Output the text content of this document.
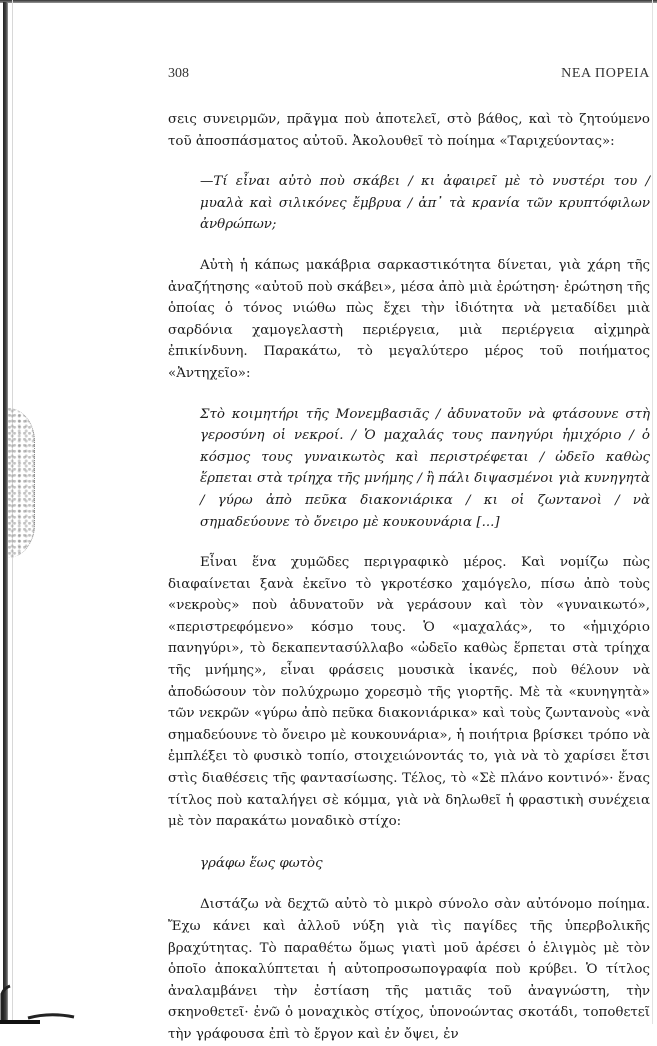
308	ΝΕΑ ΠΟΡΕΙΑ

σεις συνειρμῶν, πρᾶγμα ποὺ ἀποτελεῖ, στὸ βάθος, καὶ τὸ ζητούμενο τοῦ ἀποσπάσματος αὐτοῦ. Ἀκολουθεῖ τὸ ποίημα «Ταριχεύοντας»:

—Τί εἶναι αὐτὸ ποὺ σκάβει / κι ἀφαιρεῖ μὲ τὸ νυστέρι του / μυαλὰ καὶ σιλικόνες ἔμβρυα / ἀπ᾽ τὰ κρανία τῶν κρυπτόφιλων ἀνθρώπων;

Αὐτὴ ἡ κάπως μακάβρια σαρκαστικότητα δίνεται, γιὰ χάρη τῆς ἀναζήτησης «αὐτοῦ ποὺ σκάβει», μέσα ἀπὸ μιὰ ἐρώτηση· ἐρώτηση τῆς ὁποίας ὁ τόνος νιώθω πὼς ἔχει τὴν ἰδιότητα νὰ μεταδίδει μιὰ σαρδόνια χαμογελαστὴ περιέργεια, μιὰ περιέργεια αἰχμηρὰ ἐπικίνδυνη. Παρακάτω, τὸ μεγαλύτερο μέρος τοῦ ποιήματος «Ἀντηχεῖο»:

Στὸ κοιμητήρι τῆς Μονεμβασιᾶς / ἀδυνατοῦν νὰ φτάσουνε στὴ γεροσύνη οἱ νεκροί. / Ὁ μαχαλάς τους πανηγύρι ἡμιχόριο / ὁ κόσμος τους γυναικωτὸς καὶ περιστρέφεται / ὠδεῖο καθὼς ἕρπεται στὰ τρίηχα τῆς μνήμης / ἢ πάλι διψασμένοι γιὰ κυνηγητὰ / γύρω ἀπὸ πεῦκα διακονιάρικα / κι οἱ ζωντανοὶ / νὰ σημαδεύουνε τὸ ὄνειρο μὲ κουκουνάρια [...]

Εἶναι ἕνα χυμῶδες περιγραφικὸ μέρος. Καὶ νομίζω πὼς διαφαίνεται ξανὰ ἐκεῖνο τὸ γκροτέσκο χαμόγελο, πίσω ἀπὸ τοὺς «νεκροὺς» ποὺ ἀδυνατοῦν νὰ γεράσουν καὶ τὸν «γυναικωτό», «περιστρεφόμενο» κόσμο τους. Ὁ «μαχαλάς», το «ἡμιχόριο πανηγύρι», τὸ δεκαπεντασύλλαβο «ὠδεῖο καθὼς ἕρπεται στὰ τρίηχα τῆς μνήμης», εἶναι φράσεις μουσικὰ ἱκανές, ποὺ θέλουν νὰ ἀποδώσουν τὸν πολύχρωμο χορεσμὸ τῆς γιορτῆς. Μὲ τὰ «κυνηγητὰ» τῶν νεκρῶν «γύρω ἀπὸ πεῦκα διακονιάρικα» καὶ τοὺς ζωντανοὺς «νὰ σημαδεύουνε τὸ ὄνειρο μὲ κουκουνάρια», ἡ ποιήτρια βρίσκει τρόπο νὰ ἐμπλέξει τὸ φυσικὸ τοπίο, στοιχειώνοντάς το, γιὰ νὰ τὸ χαρίσει ἔτσι στὶς διαθέσεις τῆς φαντασίωσης. Τέλος, τὸ «Σὲ πλάνο κοντινό»· ἕνας τίτλος ποὺ καταλήγει σὲ κόμμα, γιὰ νὰ δηλωθεῖ ἡ φραστικὴ συνέχεια μὲ τὸν παρακάτω μοναδικὸ στίχο:

γράφω ἕως φωτὸς

Διστάζω νὰ δεχτῶ αὐτὸ τὸ μικρὸ σύνολο σὰν αὐτόνομο ποίημα. Ἔχω κάνει καὶ ἀλλοῦ νύξη γιὰ τὶς παγίδες τῆς ὑπερβολικῆς βραχύτητας. Τὸ παραθέτω ὅμως γιατὶ μοῦ ἀρέσει ὁ ἑλιγμὸς μὲ τὸν ὁποῖο ἀποκαλύπτεται ἡ αὐτοπροσωπογραφία ποὺ κρύβει. Ὁ τίτλος ἀναλαμβάνει τὴν ἐστίαση τῆς ματιᾶς τοῦ ἀναγνώστη, τὴν σκηνοθετεῖ· ἐνῶ ὁ μοναχικὸς στίχος, ὑπονοώντας σκοτάδι, τοποθετεῖ τὴν γράφουσα ἐπὶ τὸ ἔργον καὶ ἐν ὄψει, ἐν
